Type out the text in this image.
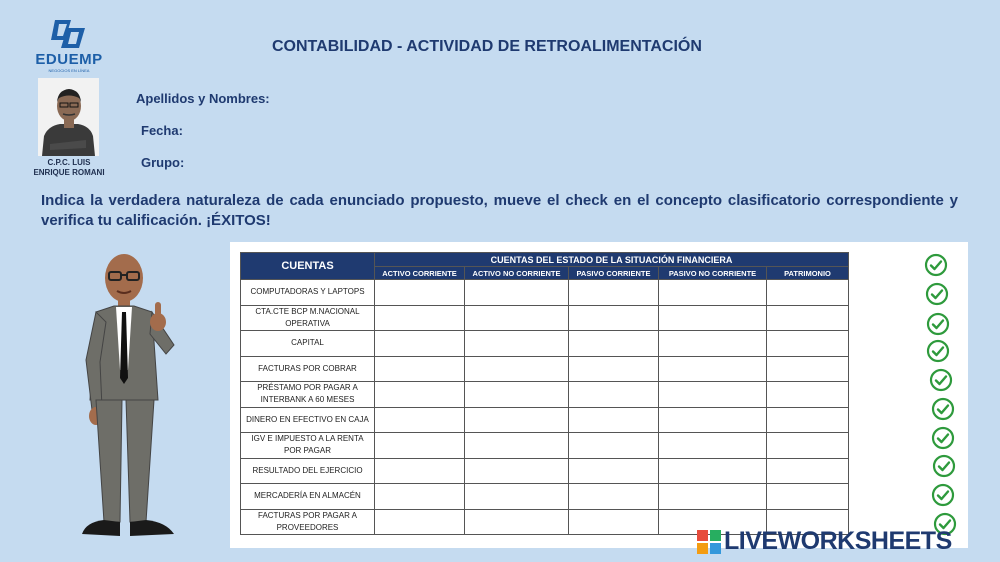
EDUEMP
NEGOCIOS EN LÍNEA
CONTABILIDAD - ACTIVIDAD DE RETROALIMENTACIÓN
C.P.C. LUIS
ENRIQUE ROMANI
Apellidos y Nombres:
Fecha:
Grupo:
Indica la verdadera naturaleza de cada enunciado propuesto, mueve el check en el concepto clasificatorio correspondiente y verifica tu calificación. ¡ÉXITOS!
CUENTAS	CUENTAS DEL ESTADO DE LA SITUACIÓN FINANCIERA				
	ACTIVO CORRIENTE	ACTIVO NO CORRIENTE	PASIVO CORRIENTE	PASIVO NO CORRIENTE	PATRIMONIO

COMPUTADORAS Y LAPTOPS					

CTA.CTE BCP M.NACIONAL
OPERATIVA					

CAPITAL					

FACTURAS POR COBRAR					

PRÉSTAMO POR PAGAR A
INTERBANK A 60 MESES					

DINERO EN EFECTIVO EN CAJA					

IGV E IMPUESTO A LA RENTA
POR PAGAR					

RESULTADO DEL EJERCICIO					

MERCADERÍA EN ALMACÉN					

FACTURAS POR PAGAR A
PROVEEDORES					
						LIVEWORKSHEETS
